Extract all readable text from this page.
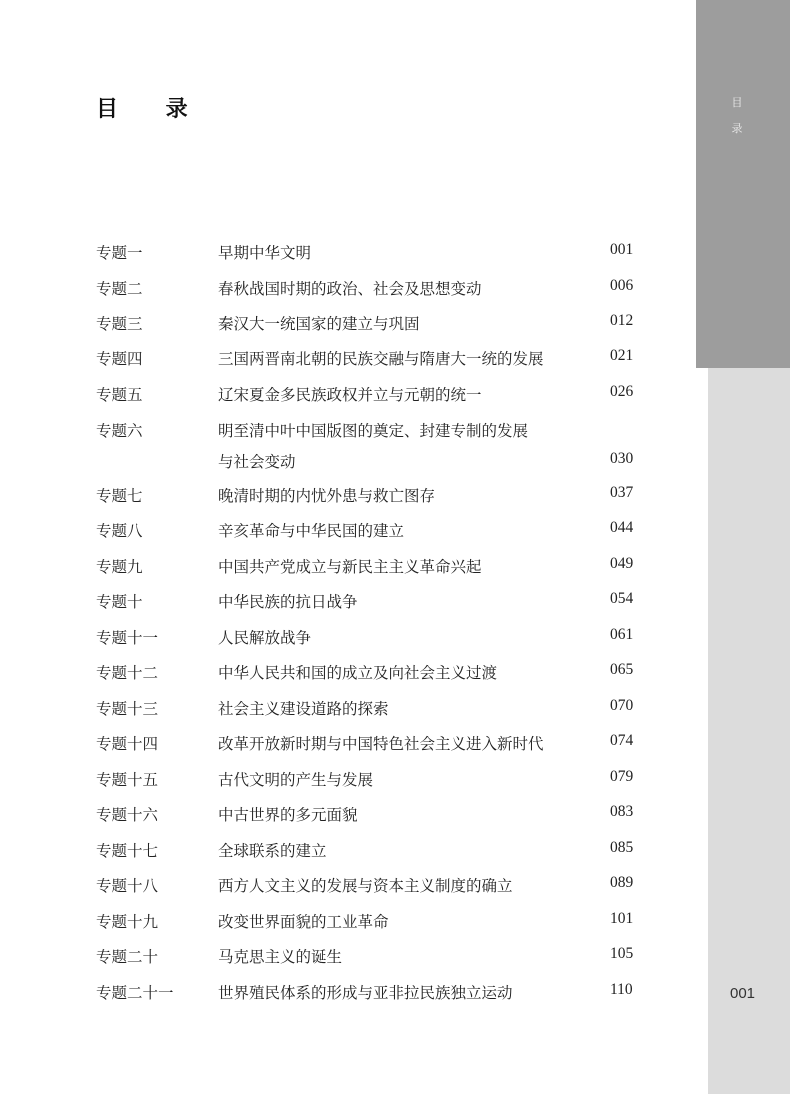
目
录
001
目 录
专题一	早期中华文明	001
专题二	春秋战国时期的政治、社会及思想变动	006
专题三	秦汉大一统国家的建立与巩固	012
专题四	三国两晋南北朝的民族交融与隋唐大一统的发展	021
专题五	辽宋夏金多民族政权并立与元朝的统一	026
专题六	明至清中叶中国版图的奠定、封建专制的发展
与社会变动	030
专题七	晚清时期的内忧外患与救亡图存	037
专题八	辛亥革命与中华民国的建立	044
专题九	中国共产党成立与新民主主义革命兴起	049
专题十	中华民族的抗日战争	054
专题十一	人民解放战争	061
专题十二	中华人民共和国的成立及向社会主义过渡	065
专题十三	社会主义建设道路的探索	070
专题十四	改革开放新时期与中国特色社会主义进入新时代	074
专题十五	古代文明的产生与发展	079
专题十六	中古世界的多元面貌	083
专题十七	全球联系的建立	085
专题十八	西方人文主义的发展与资本主义制度的确立	089
专题十九	改变世界面貌的工业革命	101
专题二十	马克思主义的诞生	105
专题二十一	世界殖民体系的形成与亚非拉民族独立运动	110
